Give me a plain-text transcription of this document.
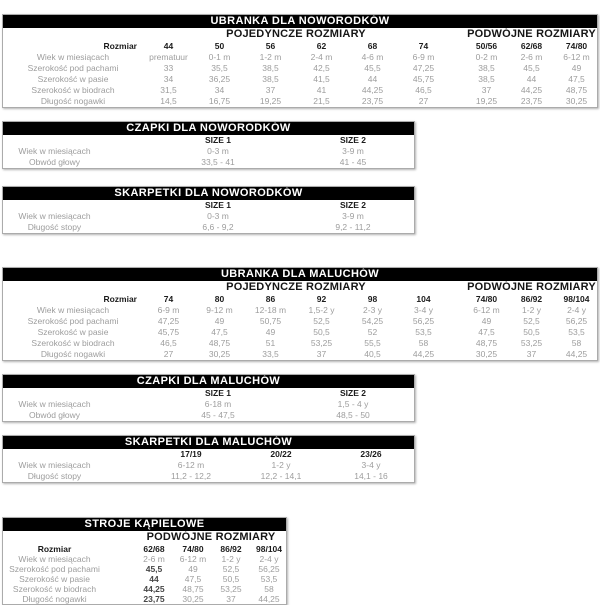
UBRANKA DLA NOWORODKÓW
	POJEDYNCZE ROZMIARY							PODWÓJNE ROZMIARY		
Rozmiar	44	50	56	62	68	74		50/56	62/68	74/80
Wiek w miesiącach	prematuur	0-1 m	1-2 m	2-4 m	4-6 m	6-9 m		0-2 m	2-6 m	6-12 m
Szerokość pod pachami	33	35,5	38,5	42,5	45,5	47,25		38,5	45,5	49
Szerokość w pasie	34	36,25	38,5	41,5	44	45,75		38,5	44	47,5
Szerokość w biodrach	31,5	34	37	41	44,25	46,5		37	44,25	48,75
Długość nogawki	14,5	16,75	19,25	21,5	23,75	27		19,25	23,75	30,25
CZAPKI DLA NOWORODKÓW
	SIZE 1	SIZE 2
Wiek w miesiącach	0-3 m	3-9 m
Obwód głowy	33,5 - 41	41 - 45
SKARPETKI DLA NOWORODKÓW
	SIZE 1	SIZE 2
Wiek w miesiącach	0-3 m	3-9 m
Długość stopy	6,6 - 9,2	9,2 - 11,2
UBRANKA DLA MALUCHÓW
	POJEDYNCZE ROZMIARY							PODWÓJNE ROZMIARY		
Rozmiar	74	80	86	92	98	104		74/80	86/92	98/104
Wiek w miesiącach	6-9 m	9-12 m	12-18 m	1,5-2 y	2-3 y	3-4 y		6-12 m	1-2 y	2-4 y
Szerokość pod pachami	47,25	49	50,75	52,5	54,25	56,25		49	52,5	56,25
Szerokość w pasie	45,75	47,5	49	50,5	52	53,5		47,5	50,5	53,5
Szerokość w biodrach	46,5	48,75	51	53,25	55,5	58		48,75	53,25	58
Długość nogawki	27	30,25	33,5	37	40,5	44,25		30,25	37	44,25
CZAPKI DLA MALUCHÓW
	SIZE 1	SIZE 2
Wiek w miesiącach	6-18 m	1,5 - 4 y
Obwód głowy	45 - 47,5	48,5 - 50
SKARPETKI DLA MALUCHÓW
	17/19	20/22	23/26
Wiek w miesiącach	6-12 m	1-2 y	3-4 y
Długość stopy	11,2 - 12,2	12,2 - 14,1	14,1 - 16
STROJE KĄPIELOWE
	PODWÓJNE ROZMIARY			
Rozmiar	62/68	74/80	86/92	98/104
Wiek w miesiącach	2-6 m	6-12 m	1-2 y	2-4 y
Szerokość pod pachami	45,5	49	52,5	56,25
Szerokość w pasie	44	47,5	50,5	53,5
Szerokość w biodrach	44,25	48,75	53,25	58
Długość nogawki	23,75	30,25	37	44,25
